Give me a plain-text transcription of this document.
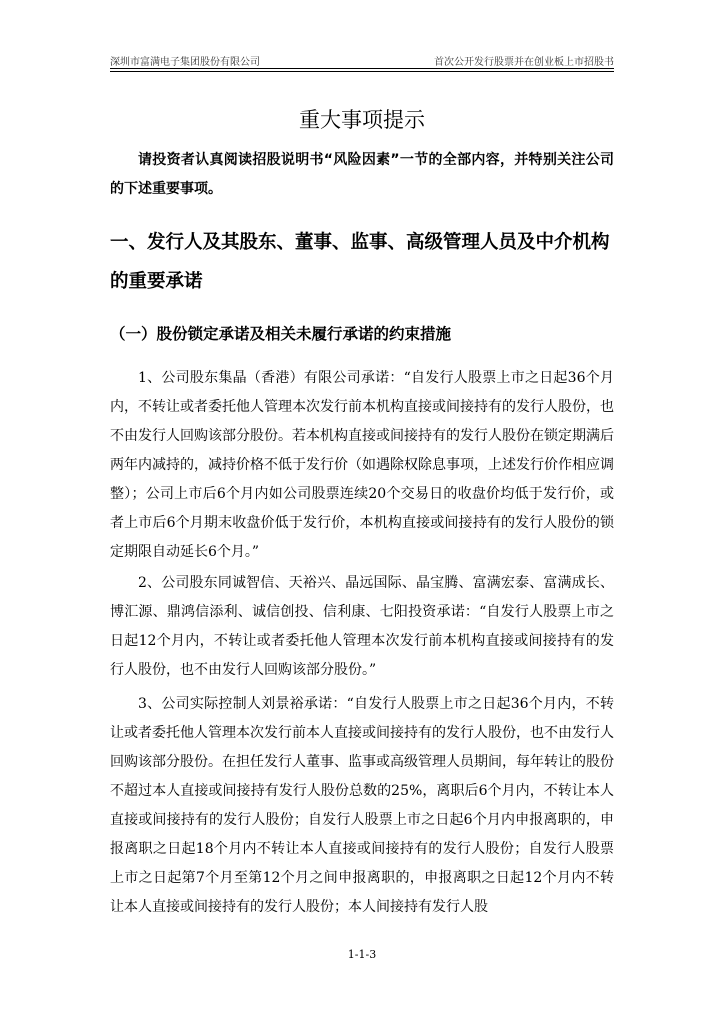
深圳市富满电子集团股份有限公司	首次公开发行股票并在创业板上市招股书
重大事项提示

请投资者认真阅读招股说明书“风险因素”一节的全部内容，并特别关注公司的下述重要事项。

一、发行人及其股东、董事、监事、高级管理人员及中介机构的重要承诺
（一）股份锁定承诺及相关未履行承诺的约束措施

1、公司股东集晶（香港）有限公司承诺：“自发行人股票上市之日起36个月内，不转让或者委托他人管理本次发行前本机构直接或间接持有的发行人股份，也不由发行人回购该部分股份。若本机构直接或间接持有的发行人股份在锁定期满后两年内减持的，减持价格不低于发行价（如遇除权除息事项，上述发行价作相应调整）；公司上市后6个月内如公司股票连续20个交易日的收盘价均低于发行价，或者上市后6个月期末收盘价低于发行价，本机构直接或间接持有的发行人股份的锁定期限自动延长6个月。”

2、公司股东同诚智信、天裕兴、晶远国际、晶宝腾、富满宏泰、富满成长、博汇源、鼎鸿信添利、诚信创投、信利康、七阳投资承诺：“自发行人股票上市之日起12个月内，不转让或者委托他人管理本次发行前本机构直接或间接持有的发行人股份，也不由发行人回购该部分股份。”

3、公司实际控制人刘景裕承诺：“自发行人股票上市之日起36个月内，不转让或者委托他人管理本次发行前本人直接或间接持有的发行人股份，也不由发行人回购该部分股份。在担任发行人董事、监事或高级管理人员期间，每年转让的股份不超过本人直接或间接持有发行人股份总数的25%，离职后6个月内，不转让本人直接或间接持有的发行人股份；自发行人股票上市之日起6个月内申报离职的，申报离职之日起18个月内不转让本人直接或间接持有的发行人股份；自发行人股票上市之日起第7个月至第12个月之间申报离职的，申报离职之日起12个月内不转让本人直接或间接持有的发行人股份；本人间接持有发行人股

1-1-3
